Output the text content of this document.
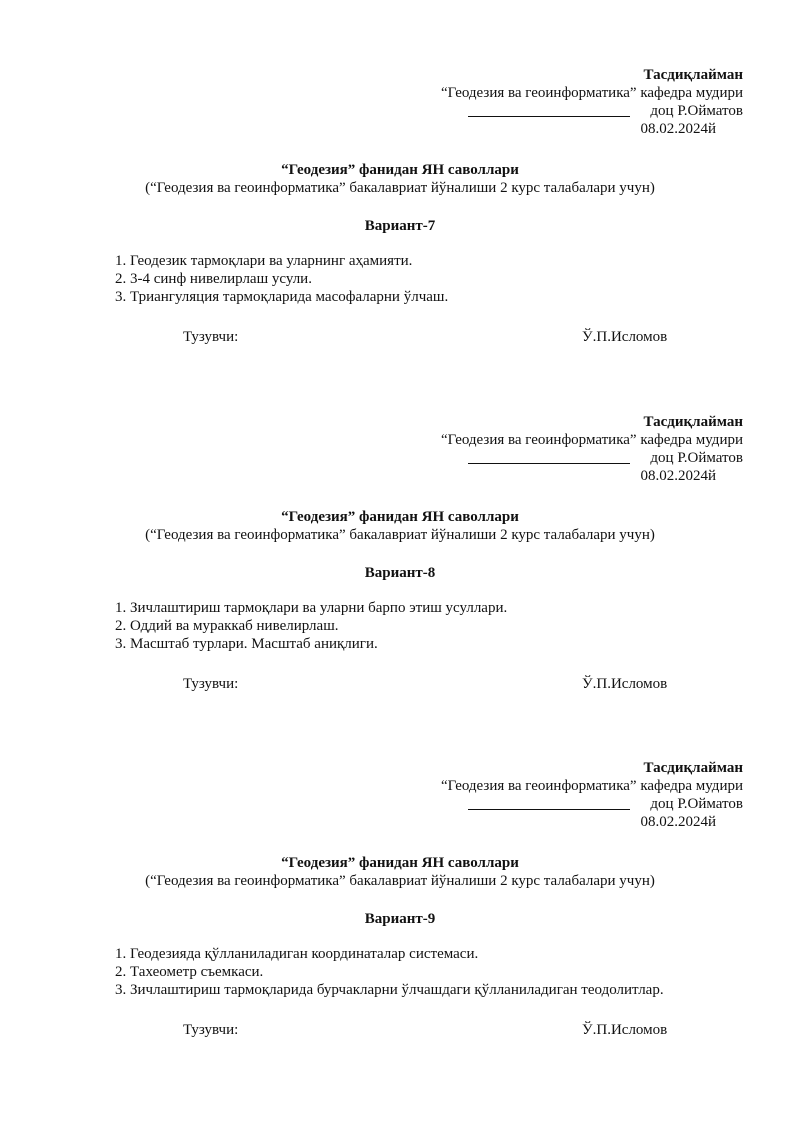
Тасдиқлайман
“Геодезия ва геоинформатика” кафедра мудири
доц Р.Ойматов
08.02.2024й
“Геодезия” фанидан ЯН саволлари
(“Геодезия ва геоинформатика” бакалавриат йўналиши 2 курс талабалари учун)
Вариант-7
1. Геодезик тармоқлари ва уларнинг аҳамияти.
2. 3-4 синф нивелирлаш усули.
3. Триангуляция тармоқларида масофаларни ўлчаш.
Тузувчи:	Ў.П.Исломов
Тасдиқлайман
“Геодезия ва геоинформатика” кафедра мудири
доц Р.Ойматов
08.02.2024й
“Геодезия” фанидан ЯН саволлари
(“Геодезия ва геоинформатика” бакалавриат йўналиши 2 курс талабалари учун)
Вариант-8
1. Зичлаштириш тармоқлари ва уларни барпо этиш усуллари.
2. Оддий ва мураккаб нивелирлаш.
3. Масштаб турлари. Масштаб аниқлиги.
Тузувчи:	Ў.П.Исломов
Тасдиқлайман
“Геодезия ва геоинформатика” кафедра мудири
доц Р.Ойматов
08.02.2024й
“Геодезия” фанидан ЯН саволлари
(“Геодезия ва геоинформатика” бакалавриат йўналиши 2 курс талабалари учун)
Вариант-9
1. Геодезияда қўлланиладиган координаталар системаси.
2. Тахеометр съемкаси.
3. Зичлаштириш тармоқларида бурчакларни ўлчашдаги қўлланиладиган теодолитлар.
Тузувчи:	Ў.П.Исломов
